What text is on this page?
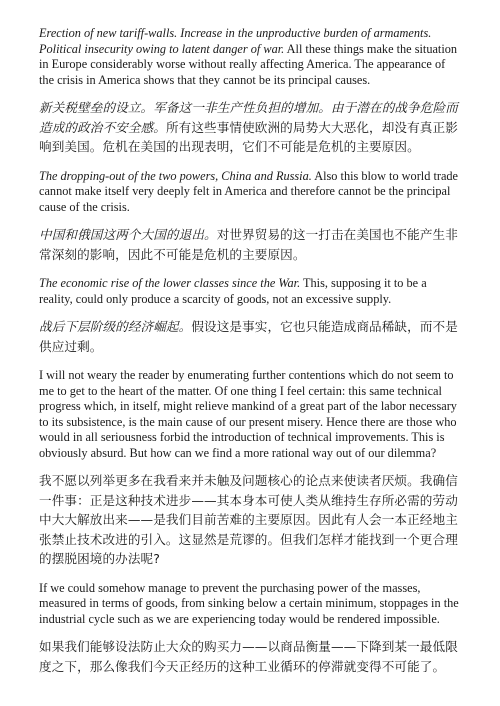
Erection of new tariff-walls. Increase in the unproductive burden of armaments. Political insecurity owing to latent danger of war. All these things make the situation in Europe considerably worse without really affecting America. The appearance of the crisis in America shows that they cannot be its principal causes.

新关税壁垒的设立。军备这一非生产性负担的增加。由于潜在的战争危险而造成的政治不安全感。所有这些事情使欧洲的局势大大恶化，却没有真正影响到美国。危机在美国的出现表明，它们不可能是危机的主要原因。

The dropping-out of the two powers, China and Russia. Also this blow to world trade cannot make itself very deeply felt in America and therefore cannot be the principal cause of the crisis.

中国和俄国这两个大国的退出。对世界贸易的这一打击在美国也不能产生非常深刻的影响，因此不可能是危机的主要原因。

The economic rise of the lower classes since the War. This, supposing it to be a reality, could only produce a scarcity of goods, not an excessive supply.

战后下层阶级的经济崛起。假设这是事实，它也只能造成商品稀缺，而不是供应过剩。

I will not weary the reader by enumerating further contentions which do not seem to me to get to the heart of the matter. Of one thing I feel certain: this same technical progress which, in itself, might relieve mankind of a great part of the labor necessary to its subsistence, is the main cause of our present misery. Hence there are those who would in all seriousness forbid the introduction of technical improvements. This is obviously absurd. But how can we find a more rational way out of our dilemma?

我不愿以列举更多在我看来并未触及问题核心的论点来使读者厌烦。我确信一件事：正是这种技术进步——其本身本可使人类从维持生存所必需的劳动中大大解放出来——是我们目前苦难的主要原因。因此有人会一本正经地主张禁止技术改进的引入。这显然是荒谬的。但我们怎样才能找到一个更合理的摆脱困境的办法呢?

If we could somehow manage to prevent the purchasing power of the masses, measured in terms of goods, from sinking below a certain minimum, stoppages in the industrial cycle such as we are experiencing today would be rendered impossible.

如果我们能够设法防止大众的购买力——以商品衡量——下降到某一最低限度之下，那么像我们今天正经历的这种工业循环的停滞就变得不可能了。
